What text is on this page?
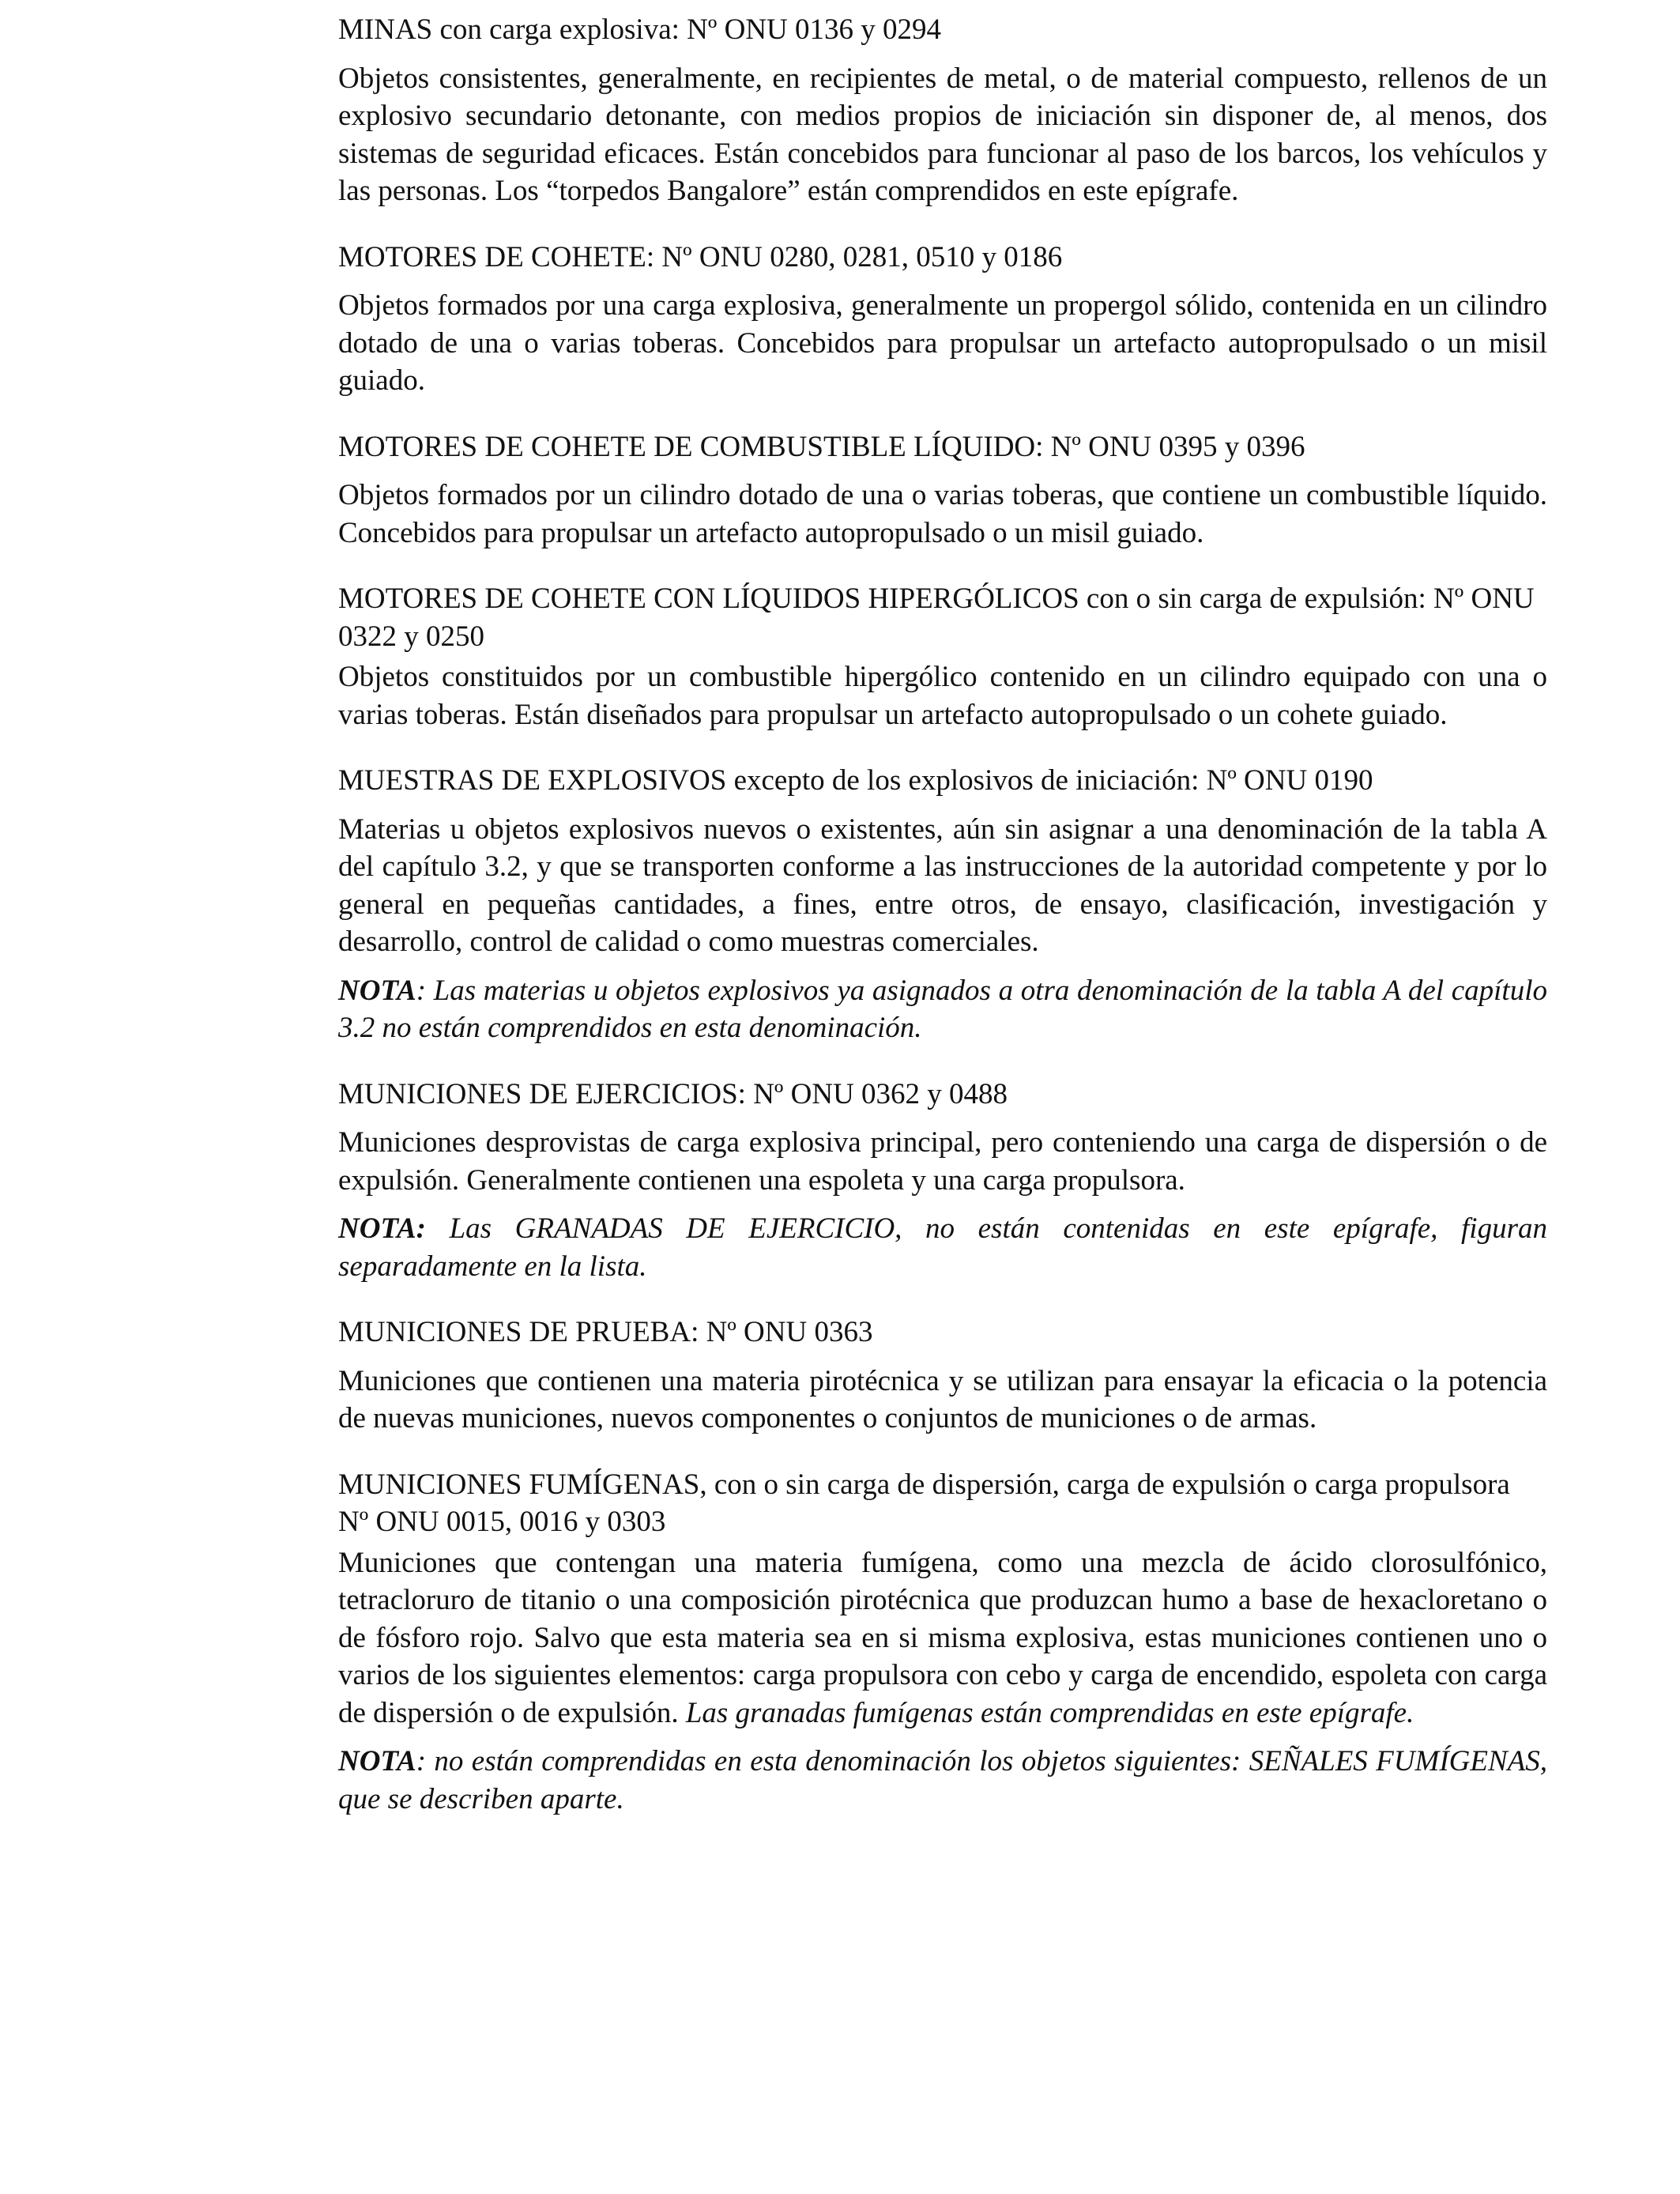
MINAS con carga explosiva: Nº ONU 0136 y 0294

Objetos consistentes, generalmente, en recipientes de metal, o de material compuesto, rellenos de un explosivo secundario detonante, con medios propios de iniciación sin disponer de, al menos, dos sistemas de seguridad eficaces. Están concebidos para funcionar al paso de los barcos, los vehículos y las personas. Los “torpedos Bangalore” están comprendidos en este epígrafe.

MOTORES DE COHETE: Nº ONU 0280, 0281, 0510 y 0186

Objetos formados por una carga explosiva, generalmente un propergol sólido, contenida en un cilindro dotado de una o varias toberas. Concebidos para propulsar un artefacto autopropulsado o un misil guiado.

MOTORES DE COHETE DE COMBUSTIBLE LÍQUIDO: Nº ONU 0395 y 0396

Objetos formados por un cilindro dotado de una o varias toberas, que contiene un combustible líquido. Concebidos para propulsar un artefacto autopropulsado o un misil guiado.

MOTORES DE COHETE CON LÍQUIDOS HIPERGÓLICOS con o sin carga de expulsión: Nº ONU 0322 y 0250

Objetos constituidos por un combustible hipergólico contenido en un cilindro equipado con una o varias toberas. Están diseñados para propulsar un artefacto autopropulsado o un cohete guiado.

MUESTRAS DE EXPLOSIVOS excepto de los explosivos de iniciación: Nº ONU 0190

Materias u objetos explosivos nuevos o existentes, aún sin asignar a una denominación de la tabla A del capítulo 3.2, y que se transporten conforme a las instrucciones de la autoridad competente y por lo general en pequeñas cantidades, a fines, entre otros, de ensayo, clasificación, investigación y desarrollo, control de calidad o como muestras comerciales.

NOTA: Las materias u objetos explosivos ya asignados a otra denominación de la tabla A del capítulo 3.2 no están comprendidos en esta denominación.

MUNICIONES DE EJERCICIOS: Nº ONU 0362 y 0488

Municiones desprovistas de carga explosiva principal, pero conteniendo una carga de dispersión o de expulsión. Generalmente contienen una espoleta y una carga propulsora.

NOTA: Las GRANADAS DE EJERCICIO, no están contenidas en este epígrafe, figuran separadamente en la lista.

MUNICIONES DE PRUEBA: Nº ONU 0363

Municiones que contienen una materia pirotécnica y se utilizan para ensayar la eficacia o la potencia de nuevas municiones, nuevos componentes o conjuntos de municiones o de armas.

MUNICIONES FUMÍGENAS, con o sin carga de dispersión, carga de expulsión o carga propulsora Nº ONU 0015, 0016 y 0303

Municiones que contengan una materia fumígena, como una mezcla de ácido clorosulfónico, tetracloruro de titanio o una composición pirotécnica que produzcan humo a base de hexacloretano o de fósforo rojo. Salvo que esta materia sea en si misma explosiva, estas municiones contienen uno o varios de los siguientes elementos: carga propulsora con cebo y carga de encendido, espoleta con carga de dispersión o de expulsión. Las granadas fumígenas están comprendidas en este epígrafe.

NOTA: no están comprendidas en esta denominación los objetos siguientes: SEÑALES FUMÍGENAS, que se describen aparte.
